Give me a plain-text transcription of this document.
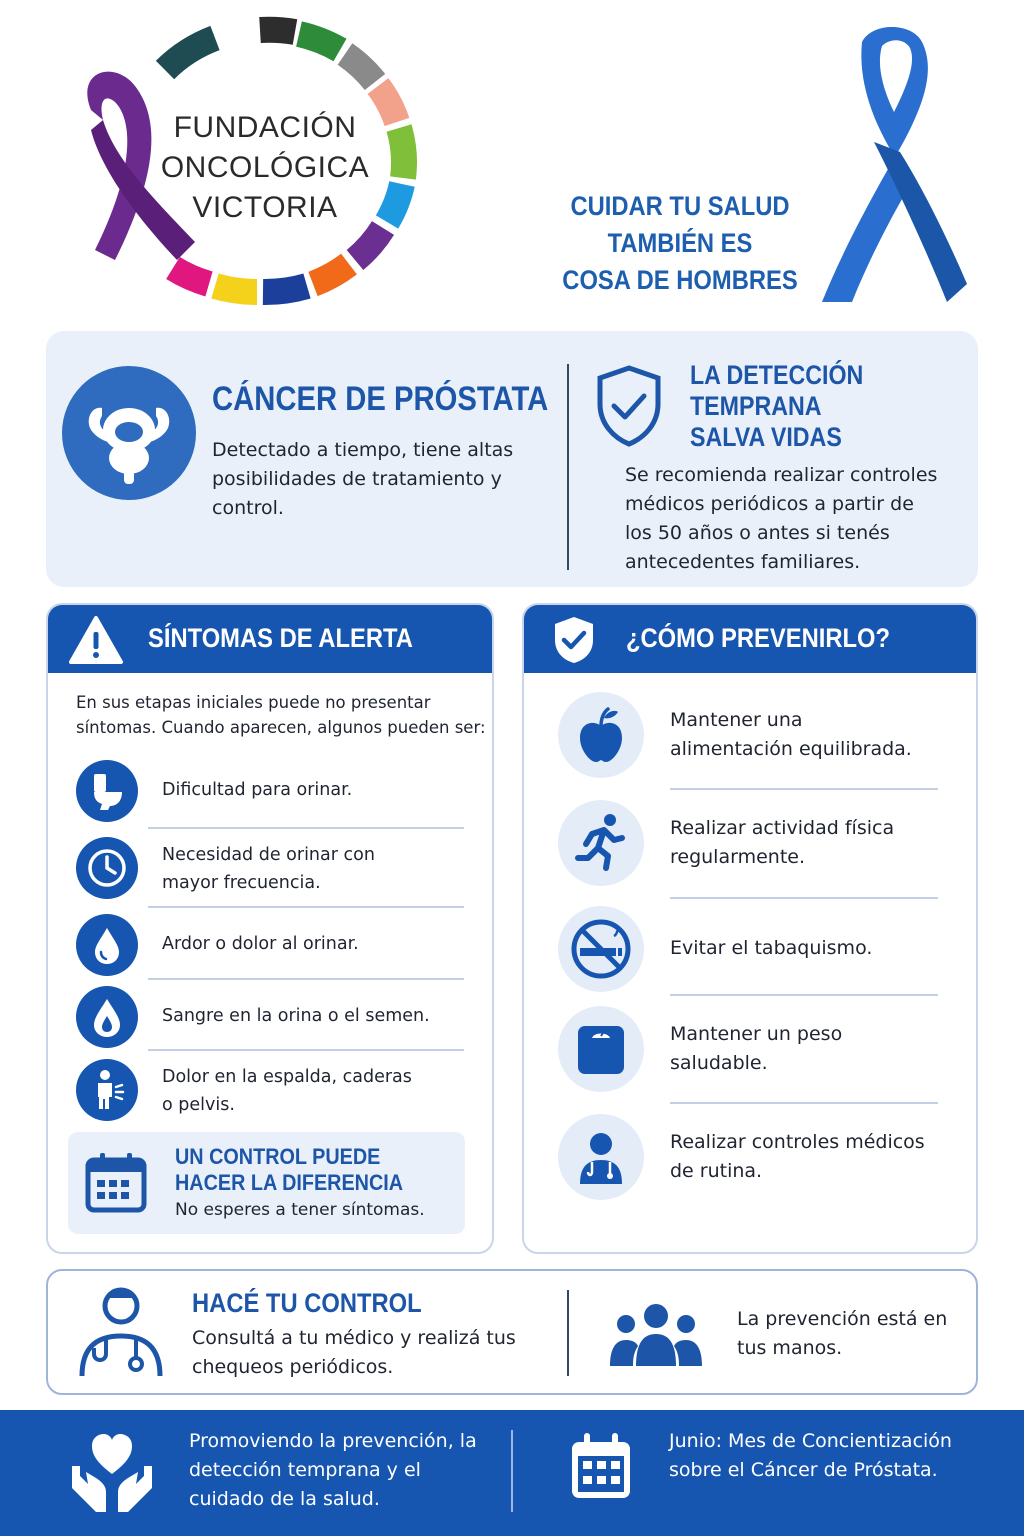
FUNDACIÓN
ONCOLÓGICA
VICTORIA	CUIDAR TU SALUD
TAMBIÉN ES
COSA DE HOMBRES
CÁNCER DE PRÓSTATA
Detectado a tiempo, tiene altas posibilidades de tratamiento y control.
LA DETECCIÓN
TEMPRANA
SALVA VIDAS
Se recomienda realizar controles médicos periódicos a partir de los 50 años o antes si tenés antecedentes familiares.
SÍNTOMAS DE ALERTA
En sus etapas iniciales puede no presentar síntomas. Cuando aparecen, algunos pueden ser:
Dificultad para orinar.
Necesidad de orinar con mayor frecuencia.
Ardor o dolor al orinar.
Sangre en la orina o el semen.
Dolor en la espalda, caderas o pelvis.
UN CONTROL PUEDE
HACER LA DIFERENCIA
No esperes a tener síntomas.
¿CÓMO PREVENIRLO?
Mantener una alimentación equilibrada.
Realizar actividad física regularmente.
Evitar el tabaquismo.
Mantener un peso saludable.
Realizar controles médicos de rutina.
HACÉ TU CONTROL
Consultá a tu médico y realizá tus chequeos periódicos.
La prevención está en tus manos.
Promoviendo la prevención, la detección temprana y el cuidado de la salud.
Junio: Mes de Concientización sobre el Cáncer de Próstata.
